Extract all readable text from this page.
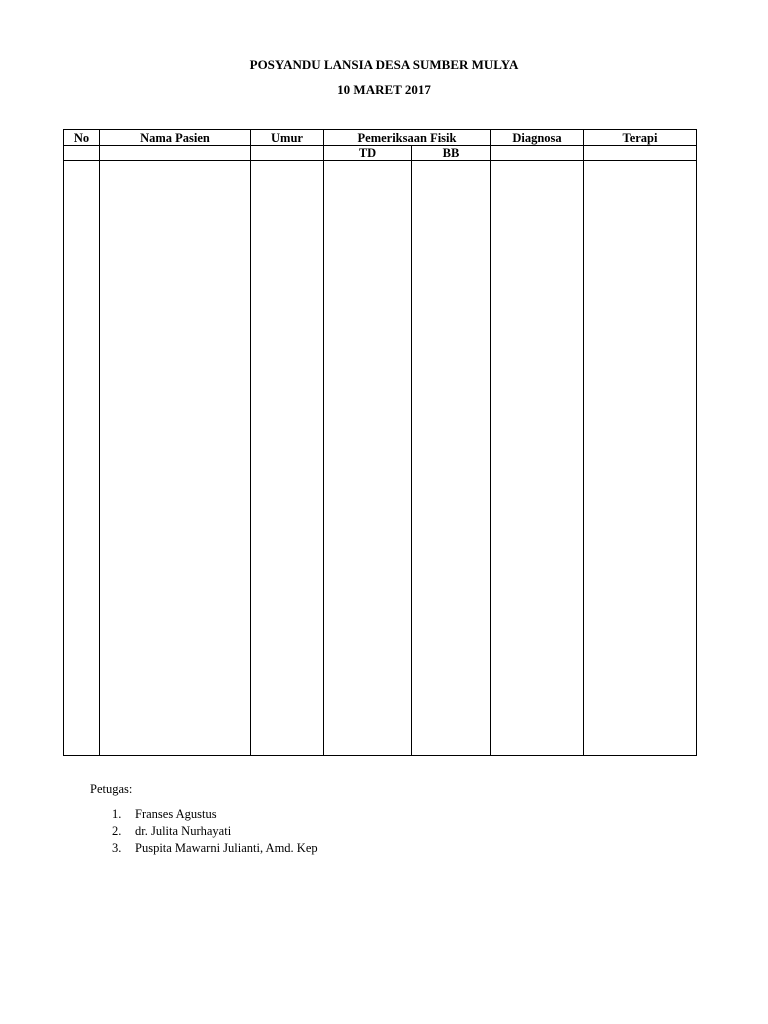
POSYANDU LANSIA DESA SUMBER MULYA
10 MARET 2017
No	Nama Pasien	Umur	Pemeriksaan Fisik		Diagnosa	Terapi
			TD	BB		

Petugas:
1. Franses Agustus
2. dr. Julita Nurhayati
3. Puspita Mawarni Julianti, Amd. Kep
